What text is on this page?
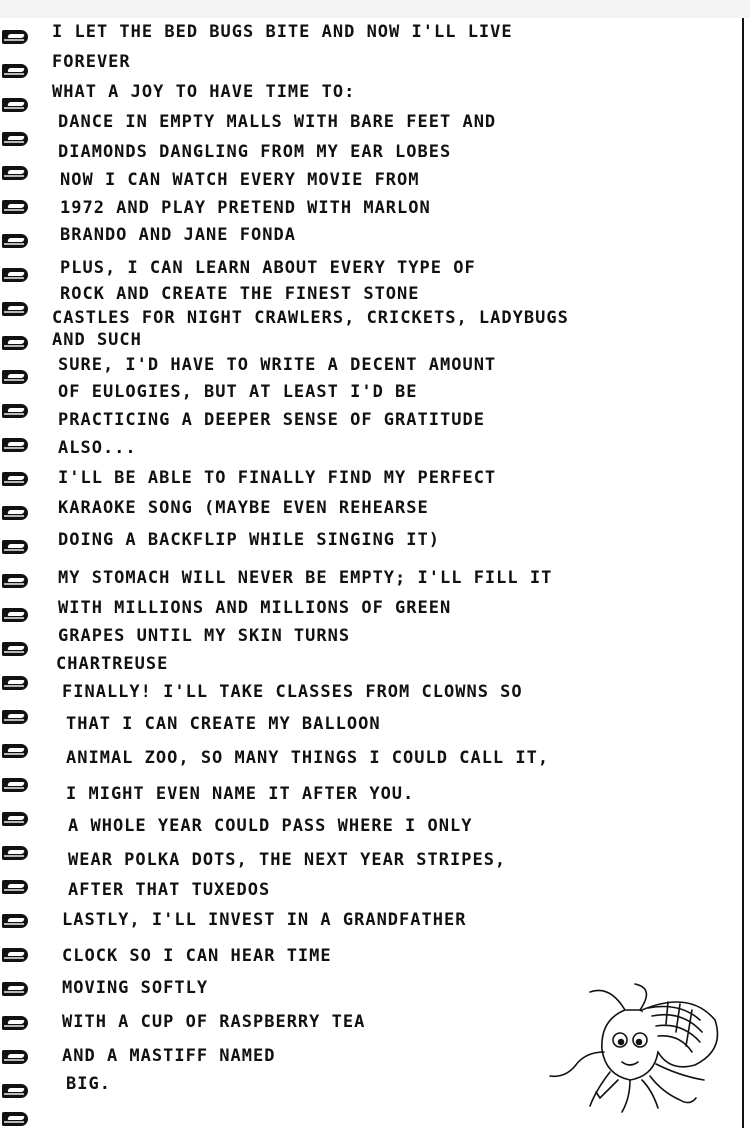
I LET THE BED BUGS BITE AND NOW I'LL LIVE
FOREVER
WHAT A JOY TO HAVE TIME TO:
DANCE IN EMPTY MALLS WITH BARE FEET AND
DIAMONDS DANGLING FROM MY EAR LOBES
NOW I CAN WATCH EVERY MOVIE FROM
1972 AND PLAY PRETEND WITH MARLON
BRANDO AND JANE FONDA
PLUS, I CAN LEARN ABOUT EVERY TYPE OF
ROCK AND CREATE THE FINEST STONE
CASTLES FOR NIGHT CRAWLERS, CRICKETS, LADYBUGS
AND SUCH
SURE, I'D HAVE TO WRITE A DECENT AMOUNT
OF EULOGIES, BUT AT LEAST I'D BE
PRACTICING A DEEPER SENSE OF GRATITUDE
ALSO...
I'LL BE ABLE TO FINALLY FIND MY PERFECT
KARAOKE SONG (MAYBE EVEN REHEARSE
DOING A BACKFLIP WHILE SINGING IT)
MY STOMACH WILL NEVER BE EMPTY; I'LL FILL IT
WITH MILLIONS AND MILLIONS OF GREEN
GRAPES UNTIL MY SKIN TURNS
CHARTREUSE
FINALLY! I'LL TAKE CLASSES FROM CLOWNS SO
THAT I CAN CREATE MY BALLOON
ANIMAL ZOO, SO MANY THINGS I COULD CALL IT,
I MIGHT EVEN NAME IT AFTER YOU.
A WHOLE YEAR COULD PASS WHERE I ONLY
WEAR POLKA DOTS, THE NEXT YEAR STRIPES,
AFTER THAT TUXEDOS
LASTLY, I'LL INVEST IN A GRANDFATHER
CLOCK SO I CAN HEAR TIME
MOVING SOFTLY
WITH A CUP OF RASPBERRY TEA
AND A MASTIFF NAMED
BIG.
